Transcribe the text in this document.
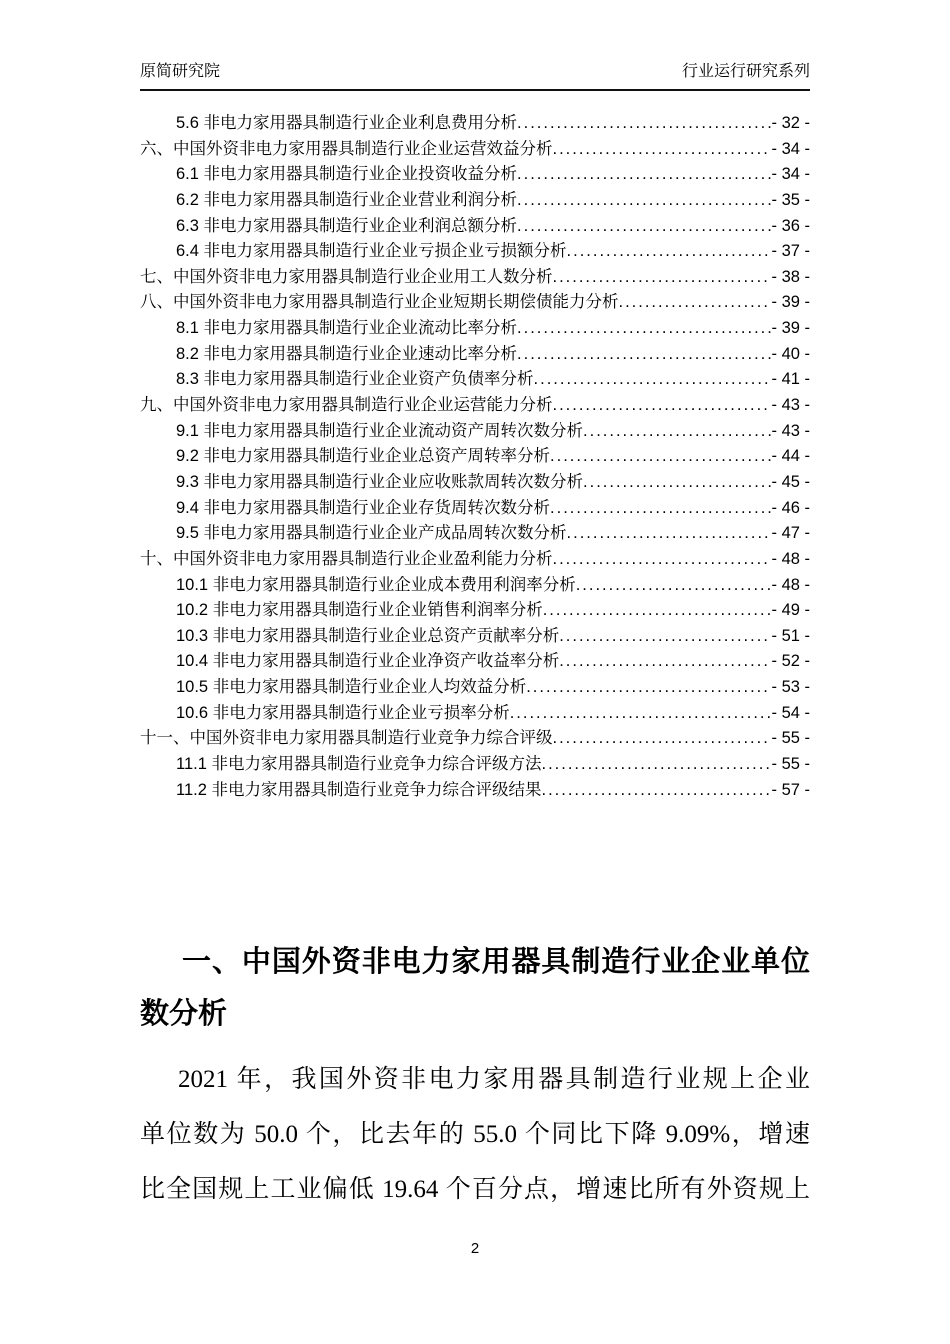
原简研究院	行业运行研究系列
5.6 非电力家用器具制造行业企业利息费用分析 .....	- 32 -
六、中国外资非电力家用器具制造行业企业运营效益分析 .....	- 34 -
6.1 非电力家用器具制造行业企业投资收益分析 .....	- 34 -
6.2 非电力家用器具制造行业企业营业利润分析 .....	- 35 -
6.3 非电力家用器具制造行业企业利润总额分析 .....	- 36 -
6.4 非电力家用器具制造行业企业亏损企业亏损额分析 .....	- 37 -
七、中国外资非电力家用器具制造行业企业用工人数分析 .....	- 38 -
八、中国外资非电力家用器具制造行业企业短期长期偿债能力分析 .....	- 39 -
8.1 非电力家用器具制造行业企业流动比率分析 .....	- 39 -
8.2 非电力家用器具制造行业企业速动比率分析 .....	- 40 -
8.3 非电力家用器具制造行业企业资产负债率分析 .....	- 41 -
九、中国外资非电力家用器具制造行业企业运营能力分析 .....	- 43 -
9.1 非电力家用器具制造行业企业流动资产周转次数分析 .....	- 43 -
9.2 非电力家用器具制造行业企业总资产周转率分析 .....	- 44 -
9.3 非电力家用器具制造行业企业应收账款周转次数分析 .....	- 45 -
9.4 非电力家用器具制造行业企业存货周转次数分析 .....	- 46 -
9.5 非电力家用器具制造行业企业产成品周转次数分析 .....	- 47 -
十、中国外资非电力家用器具制造行业企业盈利能力分析 .....	- 48 -
10.1 非电力家用器具制造行业企业成本费用利润率分析 .....	- 48 -
10.2 非电力家用器具制造行业企业销售利润率分析 .....	- 49 -
10.3 非电力家用器具制造行业企业总资产贡献率分析 .....	- 51 -
10.4 非电力家用器具制造行业企业净资产收益率分析 .....	- 52 -
10.5 非电力家用器具制造行业企业人均效益分析 .....	- 53 -
10.6 非电力家用器具制造行业企业亏损率分析 .....	- 54 -
十一、中国外资非电力家用器具制造行业竞争力综合评级 .....	- 55 -
11.1 非电力家用器具制造行业竞争力综合评级方法 .....	- 55 -
11.2 非电力家用器具制造行业竞争力综合评级结果 .....	- 57 -
一、中国外资非电力家用器具制造行业企业单位
数分析
2021 年，我国外资非电力家用器具制造行业规上企业
单位数为 50.0 个，比去年的 55.0 个同比下降 9.09%，增速
比全国规上工业偏低 19.64 个百分点，增速比所有外资规上
2
